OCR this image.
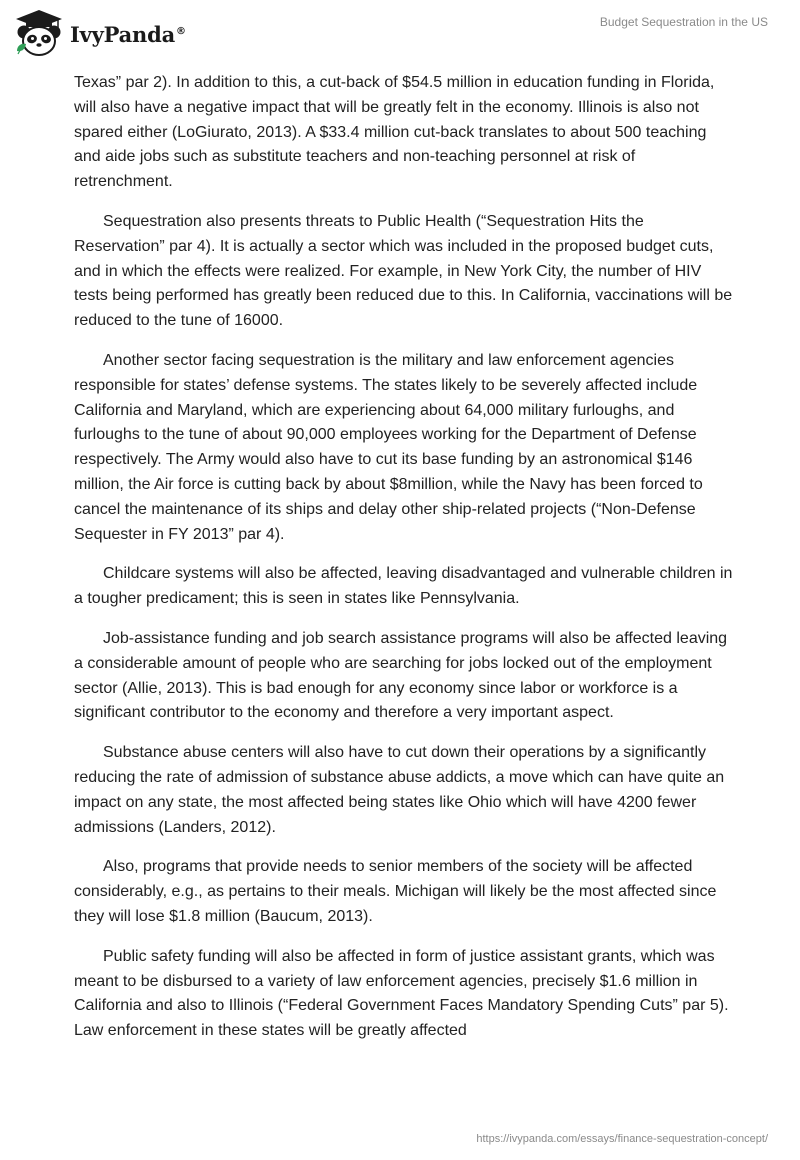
IvyPanda®
Budget Sequestration in the US

Texas” par 2). In addition to this, a cut-back of $54.5 million in education funding in Florida, will also have a negative impact that will be greatly felt in the economy. Illinois is also not spared either (LoGiurato, 2013). A $33.4 million cut-back translates to about 500 teaching and aide jobs such as substitute teachers and non-teaching personnel at risk of retrenchment.

Sequestration also presents threats to Public Health (“Sequestration Hits the Reservation” par 4). It is actually a sector which was included in the proposed budget cuts, and in which the effects were realized. For example, in New York City, the number of HIV tests being performed has greatly been reduced due to this. In California, vaccinations will be reduced to the tune of 16000.

Another sector facing sequestration is the military and law enforcement agencies responsible for states’ defense systems. The states likely to be severely affected include California and Maryland, which are experiencing about 64,000 military furloughs, and furloughs to the tune of about 90,000 employees working for the Department of Defense respectively. The Army would also have to cut its base funding by an astronomical $146 million, the Air force is cutting back by about $8million, while the Navy has been forced to cancel the maintenance of its ships and delay other ship-related projects (“Non-Defense Sequester in FY 2013” par 4).

Childcare systems will also be affected, leaving disadvantaged and vulnerable children in a tougher predicament; this is seen in states like Pennsylvania.

Job-assistance funding and job search assistance programs will also be affected leaving a considerable amount of people who are searching for jobs locked out of the employment sector (Allie, 2013). This is bad enough for any economy since labor or workforce is a significant contributor to the economy and therefore a very important aspect.

Substance abuse centers will also have to cut down their operations by a significantly reducing the rate of admission of substance abuse addicts, a move which can have quite an impact on any state, the most affected being states like Ohio which will have 4200 fewer admissions (Landers, 2012).

Also, programs that provide needs to senior members of the society will be affected considerably, e.g., as pertains to their meals. Michigan will likely be the most affected since they will lose $1.8 million (Baucum, 2013).

Public safety funding will also be affected in form of justice assistant grants, which was meant to be disbursed to a variety of law enforcement agencies, precisely $1.6 million in California and also to Illinois (“Federal Government Faces Mandatory Spending Cuts” par 5). Law enforcement in these states will be greatly affected

https://ivypanda.com/essays/finance-sequestration-concept/
